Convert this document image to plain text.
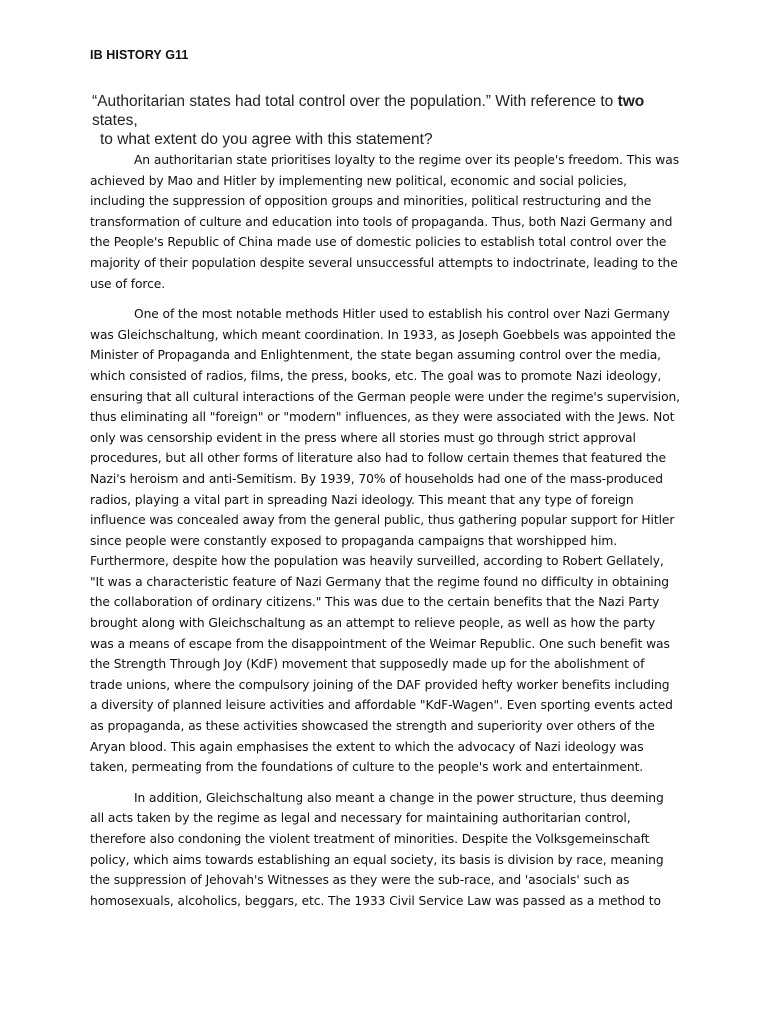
IB HISTORY G11
“Authoritarian states had total control over the population.” With reference to two states,
to what extent do you agree with this statement?

An authoritarian state prioritises loyalty to the regime over its people's freedom. This was achieved by Mao and Hitler by implementing new political, economic and social policies, including the suppression of opposition groups and minorities, political restructuring and the transformation of culture and education into tools of propaganda. Thus, both Nazi Germany and the People's Republic of China made use of domestic policies to establish total control over the majority of their population despite several unsuccessful attempts to indoctrinate, leading to the use of force.

One of the most notable methods Hitler used to establish his control over Nazi Germany was Gleichschaltung, which meant coordination. In 1933, as Joseph Goebbels was appointed the Minister of Propaganda and Enlightenment, the state began assuming control over the media, which consisted of radios, films, the press, books, etc. The goal was to promote Nazi ideology, ensuring that all cultural interactions of the German people were under the regime's supervision, thus eliminating all "foreign" or "modern" influences, as they were associated with the Jews. Not only was censorship evident in the press where all stories must go through strict approval procedures, but all other forms of literature also had to follow certain themes that featured the Nazi's heroism and anti-Semitism. By 1939, 70% of households had one of the mass-produced radios, playing a vital part in spreading Nazi ideology. This meant that any type of foreign influence was concealed away from the general public, thus gathering popular support for Hitler since people were constantly exposed to propaganda campaigns that worshipped him. Furthermore, despite how the population was heavily surveilled, according to Robert Gellately, "It was a characteristic feature of Nazi Germany that the regime found no difficulty in obtaining the collaboration of ordinary citizens." This was due to the certain benefits that the Nazi Party brought along with Gleichschaltung as an attempt to relieve people, as well as how the party was a means of escape from the disappointment of the Weimar Republic. One such benefit was the Strength Through Joy (KdF) movement that supposedly made up for the abolishment of trade unions, where the compulsory joining of the DAF provided hefty worker benefits including a diversity of planned leisure activities and affordable "KdF-Wagen". Even sporting events acted as propaganda, as these activities showcased the strength and superiority over others of the Aryan blood. This again emphasises the extent to which the advocacy of Nazi ideology was taken, permeating from the foundations of culture to the people's work and entertainment.

In addition, Gleichschaltung also meant a change in the power structure, thus deeming all acts taken by the regime as legal and necessary for maintaining authoritarian control, therefore also condoning the violent treatment of minorities. Despite the Volksgemeinschaft policy, which aims towards establishing an equal society, its basis is division by race, meaning the suppression of Jehovah's Witnesses as they were the sub-race, and 'asocials' such as homosexuals, alcoholics, beggars, etc. The 1933 Civil Service Law was passed as a method to
